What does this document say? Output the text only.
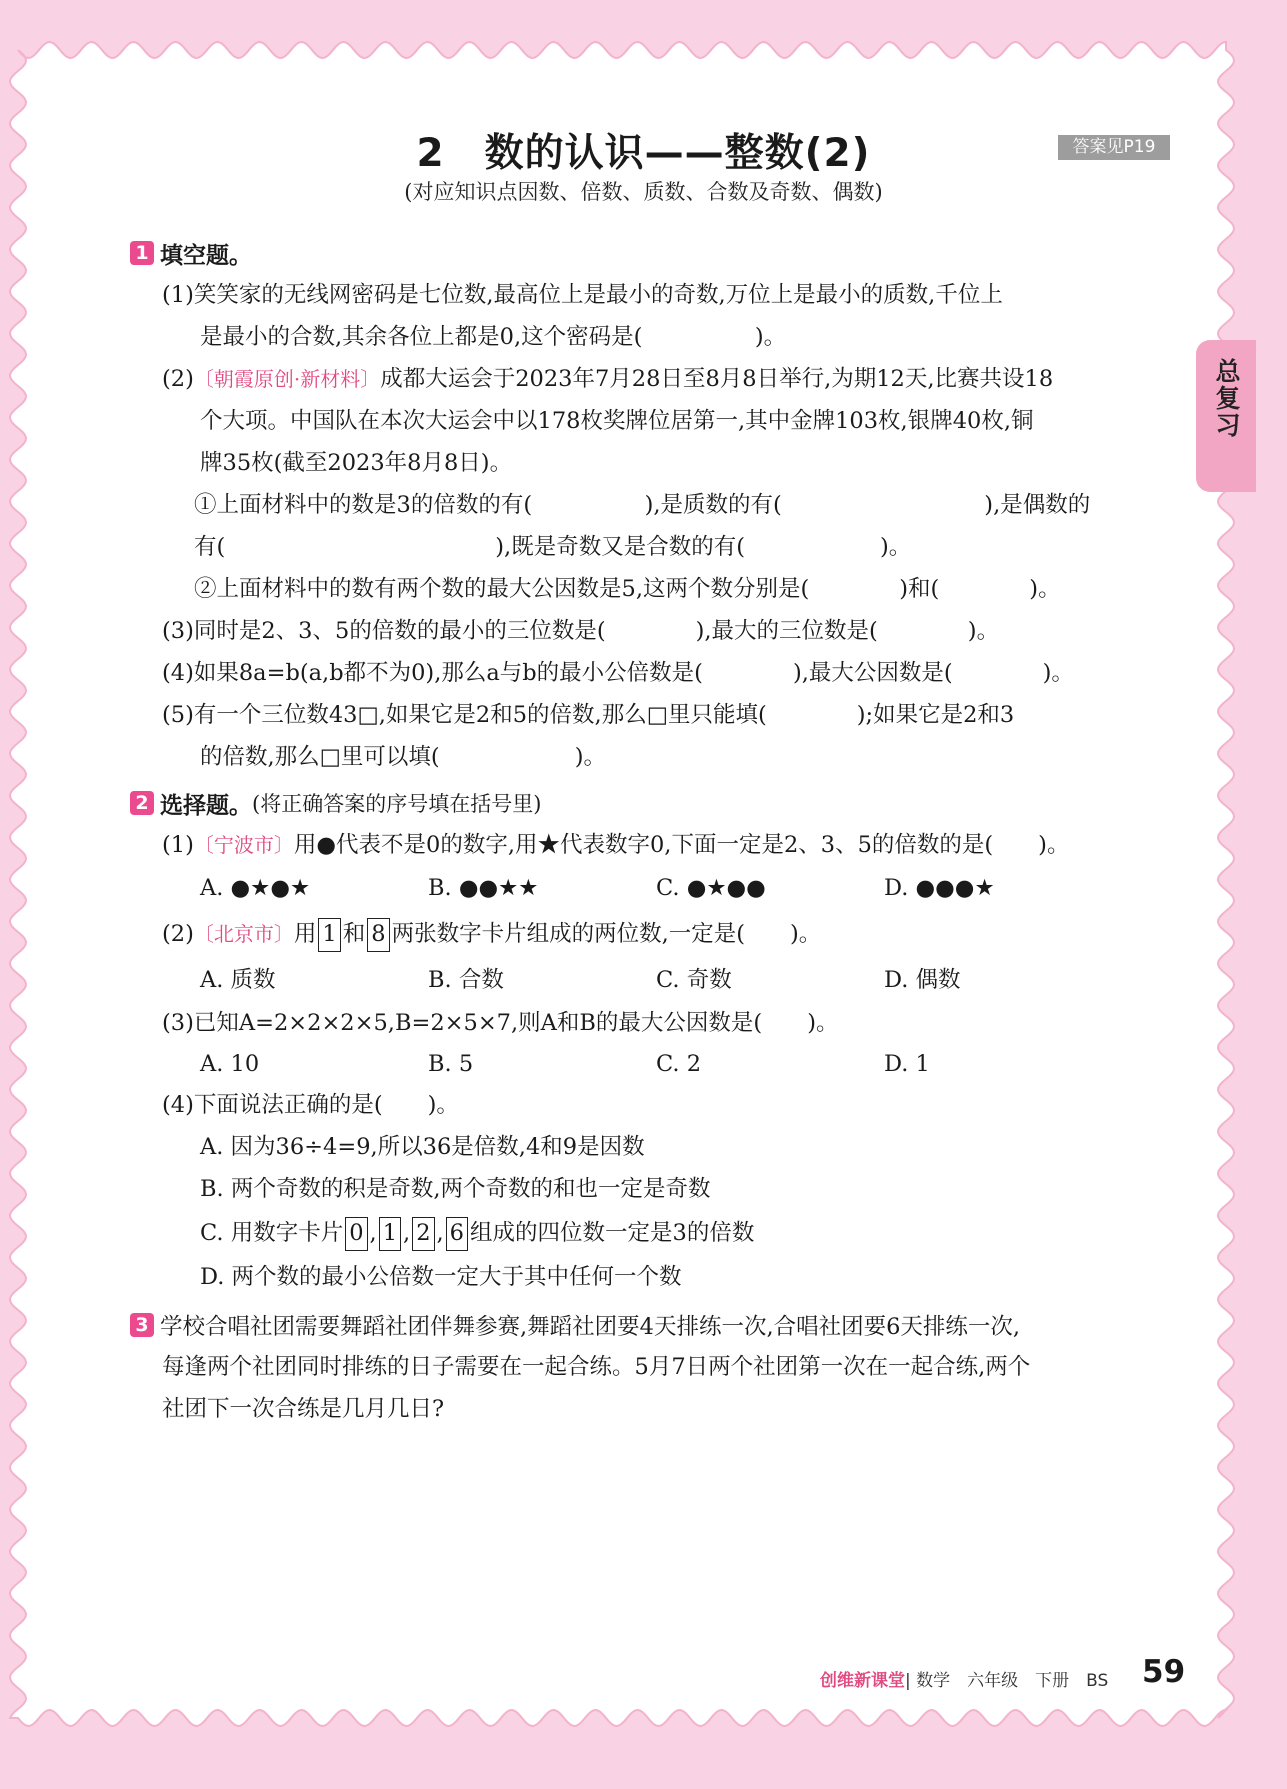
总复习
2　数的认识——整数(2)	答案见P19
(对应知识点因数、倍数、质数、合数及奇数、偶数)
1 填空题。
(1)笑笑家的无线网密码是七位数,最高位上是最小的奇数,万位上是最小的质数,千位上
是最小的合数,其余各位上都是0,这个密码是(　　　　　)。
(2)〔朝霞原创·新材料〕成都大运会于2023年7月28日至8月8日举行,为期12天,比赛共设18
个大项。中国队在本次大运会中以178枚奖牌位居第一,其中金牌103枚,银牌40枚,铜
牌35枚(截至2023年8月8日)。
①上面材料中的数是3的倍数的有(　　　　　),是质数的有(　　　　　　　　　),是偶数的
有(　　　　　　　　　　　　),既是奇数又是合数的有(　　　　　　)。
②上面材料中的数有两个数的最大公因数是5,这两个数分别是(　　　　)和(　　　　)。
(3)同时是2、3、5的倍数的最小的三位数是(　　　　),最大的三位数是(　　　　)。
(4)如果8a=b(a,b都不为0),那么a与b的最小公倍数是(　　　　),最大公因数是(　　　　)。
(5)有一个三位数43□,如果它是2和5的倍数,那么□里只能填(　　　　);如果它是2和3
的倍数,那么□里可以填(　　　　　　)。
2 选择题。 (将正确答案的序号填在括号里)
(1)〔宁波市〕用●代表不是0的数字,用★代表数字0,下面一定是2、3、5的倍数的是(　　)。
A. ●★●★	B. ●●★★	C. ●★●●	D. ●●●★
(2)〔北京市〕用 1 和 8 两张数字卡片组成的两位数,一定是(　　)。
A. 质数	B. 合数	C. 奇数	D. 偶数
(3)已知A=2×2×2×5,B=2×5×7,则A和B的最大公因数是(　　)。
A. 10	B. 5	C. 2	D. 1
(4)下面说法正确的是(　　)。
A. 因为36÷4=9,所以36是倍数,4和9是因数
B. 两个奇数的积是奇数,两个奇数的和也一定是奇数
C. 用数字卡片 0 , 1 , 2 , 6 组成的四位数一定是3的倍数
D. 两个数的最小公倍数一定大于其中任何一个数
3 学校合唱社团需要舞蹈社团伴舞参赛,舞蹈社团要4天排练一次,合唱社团要6天排练一次,
每逢两个社团同时排练的日子需要在一起合练。5月7日两个社团第一次在一起合练,两个
社团下一次合练是几月几日?
创维新课堂| 数学　六年级　下册　BS 59
